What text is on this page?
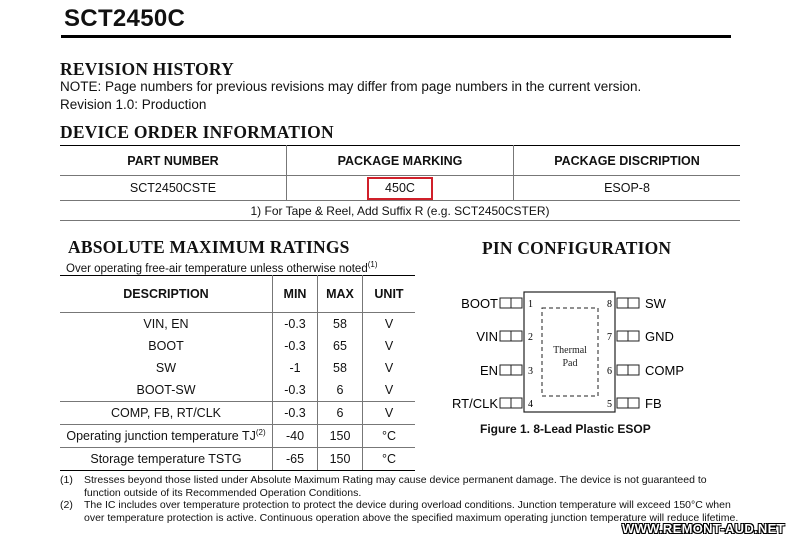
SCT2450C
REVISION HISTORY
NOTE: Page numbers for previous revisions may differ from page numbers in the current version.
Revision 1.0: Production
DEVICE ORDER INFORMATION
PART NUMBER	PACKAGE MARKING	PACKAGE DISCRIPTION
SCT2450CSTE	450C	ESOP-8
1) For Tape & Reel, Add Suffix R (e.g. SCT2450CSTER)		
ABSOLUTE MAXIMUM RATINGS
Over operating free-air temperature unless otherwise noted$^{(1)}$
DESCRIPTION	MIN	MAX	UNIT
VIN, EN	-0.3	58	V
BOOT	-0.3	65	V
SW	-1	58	V
BOOT-SW	-0.3	6	V
COMP, FB, RT/CLK	-0.3	6	V
Operating junction temperature TJ$^{(2)}$	-40	150	°C
Storage temperature TSTG	-65	150	°C
PIN CONFIGURATION
Thermal
Pad
BOOT	1
VIN	2
EN	3
RT/CLK	4
SW
8
GND
7
COMP
6
FB
5
Figure 1. 8-Lead Plastic ESOP
(1)	Stresses beyond those listed under Absolute Maximum Rating may cause device permanent damage. The device is not guaranteed to function outside of its Recommended Operation Conditions.
(2)	The IC includes over temperature protection to protect the device during overload conditions. Junction temperature will exceed 150°C when over temperature protection is active. Continuous operation above the specified maximum operating junction temperature will reduce lifetime.
WWW.REMONT-AUD.NET
